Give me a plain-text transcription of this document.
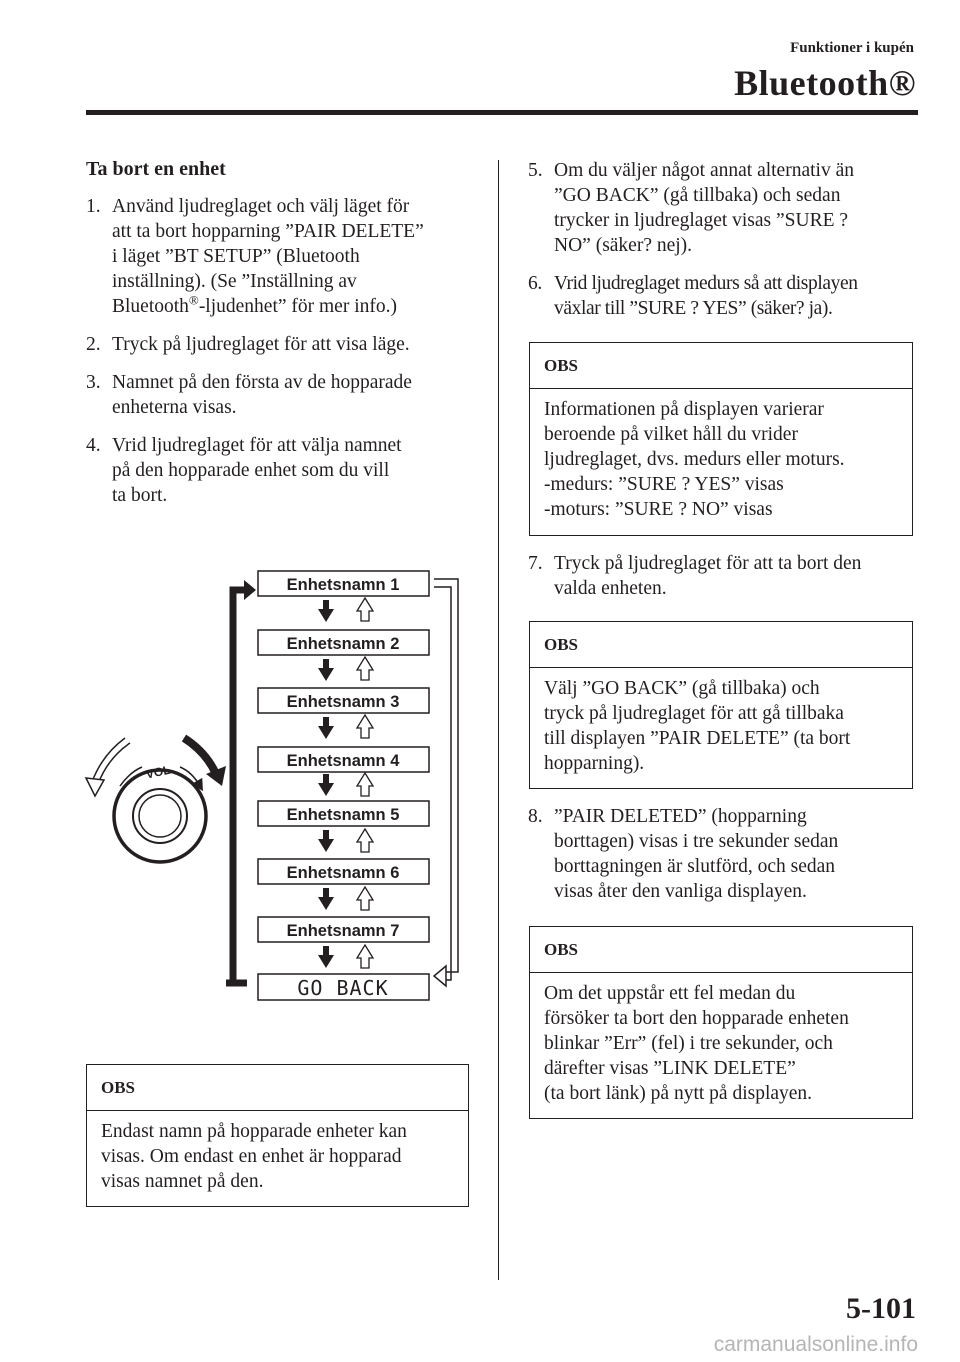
Funktioner i kupén
Bluetooth®
Ta bort en enhet
1. Använd ljudreglaget och välj läget för
att ta bort hopparning ”PAIR DELETE”
i läget ”BT SETUP” (Bluetooth
inställning). (Se ”Inställning av
Bluetooth®-ljudenhet” för mer info.)
2. Tryck på ljudreglaget för att visa läge.
3. Namnet på den första av de hopparade
enheterna visas.
4. Vrid ljudreglaget för att välja namnet
på den hopparade enhet som du vill
ta bort.
VOL
Enhetsnamn 1
Enhetsnamn 2
Enhetsnamn 3
Enhetsnamn 4
Enhetsnamn 5
Enhetsnamn 6
Enhetsnamn 7
GO BACK
OBS
Endast namn på hopparade enheter kan
visas. Om endast en enhet är hopparad
visas namnet på den.
5. Om du väljer något annat alternativ än
”GO BACK” (gå tillbaka) och sedan
trycker in ljudreglaget visas ”SURE ?
NO” (säker? nej).
6. Vrid ljudreglaget medurs så att displayen
växlar till ”SURE ? YES” (säker? ja).
OBS
Informationen på displayen varierar
beroende på vilket håll du vrider
ljudreglaget, dvs. medurs eller moturs.
-medurs: ”SURE ? YES” visas
-moturs: ”SURE ? NO” visas
7. Tryck på ljudreglaget för att ta bort den
valda enheten.
OBS
Välj ”GO BACK” (gå tillbaka) och
tryck på ljudreglaget för att gå tillbaka
till displayen ”PAIR DELETE” (ta bort
hopparning).
8. ”PAIR DELETED” (hopparning
borttagen) visas i tre sekunder sedan
borttagningen är slutförd, och sedan
visas åter den vanliga displayen.
OBS
Om det uppstår ett fel medan du
försöker ta bort den hopparade enheten
blinkar ”Err” (fel) i tre sekunder, och
därefter visas ”LINK DELETE”
(ta bort länk) på nytt på displayen.
5-101
carmanualsonline.info
